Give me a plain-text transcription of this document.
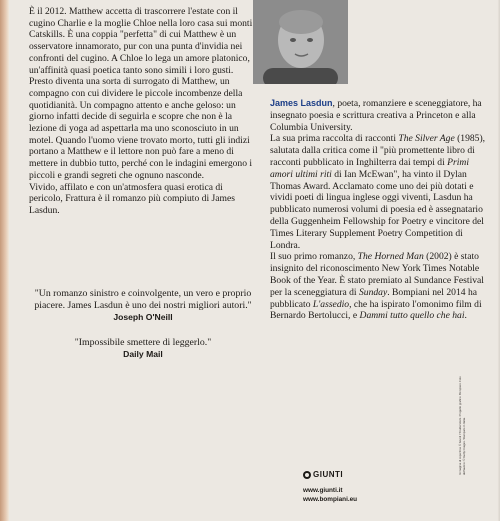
È il 2012. Matthew accetta di trascorrere l'estate con il cugino Charlie e la moglie Chloe nella loro casa sui monti Catskills. È una coppia "perfetta" di cui Matthew è un osservatore innamorato, pur con una punta d'invidia nei confronti del cugino. A Chloe lo lega un amore platonico, un'affinità quasi poetica tanto sono simili i loro gusti. Presto diventa una sorta di surrogato di Matthew, un compagno con cui dividere le piccole incombenze della quotidianità. Un compagno attento e anche geloso: un giorno infatti decide di seguirla e scopre che non è la lezione di yoga ad aspettarla ma uno sconosciuto in un motel. Quando l'uomo viene trovato morto, tutti gli indizi portano a Matthew e il lettore non può fare a meno di mettere in dubbio tutto, perché con le indagini emergono i piccoli e grandi segreti che ognuno nasconde.

Vivido, affilato e con un'atmosfera quasi erotica di pericolo, Frattura è il romanzo più compiuto di James Lasdun.

"Un romanzo sinistro e coinvolgente, un vero e proprio piacere. James Lasdun è uno dei nostri migliori autori."
Joseph O'Neill
"Impossibile smettere di leggerlo."
Daily Mail

James Lasdun, poeta, romanziere e sceneggiatore, ha insegnato poesia e scrittura creativa a Princeton e alla Columbia University.

La sua prima raccolta di racconti The Silver Age (1985), salutata dalla critica come il "più promettente libro di racconti pubblicato in Inghilterra dai tempi di Primi amori ultimi riti di Ian McEwan", ha vinto il Dylan Thomas Award. Acclamato come uno dei più dotati e vividi poeti di lingua inglese oggi viventi, Lasdun ha pubblicato numerosi volumi di poesia ed è assegnatario della Guggenheim Fellowship for Poetry e vincitore del Times Literary Supplement Poetry Competition di Londra.

Il suo primo romanzo, The Horned Man (2002) è stato insignito del riconoscimento New York Times Notable Book of the Year. È stato premiato al Sundance Festival per la sceneggiatura di Sunday. Bompiani nel 2014 ha pubblicato L'assedio, che ha ispirato l'omonimo film di Bernardo Bertolucci, e Dammi tutto quello che hai.

GIUNTI
www.giunti.it
www.bompiani.eu
Immagine di copertina: © Giunti / Shutterstock. Progetto grafico: Bompiani. Foto dell'autore: © Getty Images. Stampato in Italia.
